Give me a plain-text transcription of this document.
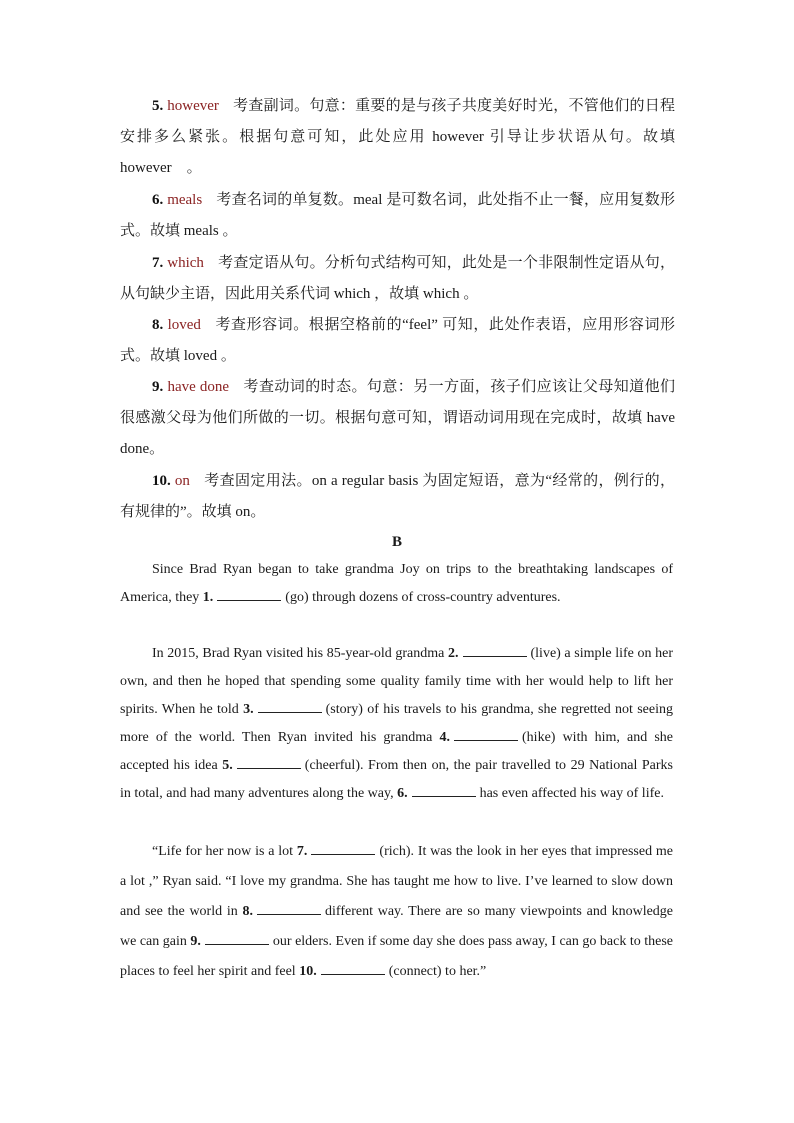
5. however 考查副词。句意：重要的是与孩子共度美好时光，不管他们的日程安排多么紧张。根据句意可知，此处应用 however 引导让步状语从句。故填 however　。

6. meals 考查名词的单复数。meal 是可数名词，此处指不止一餐，应用复数形式。故填 meals 。

7. which 考查定语从句。分析句式结构可知，此处是一个非限制性定语从句，从句缺少主语，因此用关系代词 which ，故填 which 。

8. loved 考查形容词。根据空格前的“feel” 可知，此处作表语，应用形容词形式。故填 loved 。

9. have done 考查动词的时态。句意：另一方面，孩子们应该让父母知道他们很感激父母为他们所做的一切。根据句意可知，谓语动词用现在完成时，故填 have done。

10. on 考查固定用法。on a regular basis 为固定短语，意为“经常的，例行的，有规律的”。故填 on。

B

Since Brad Ryan began to take grandma Joy on trips to the breathtaking landscapes of America, they 1.	(go) through dozens of cross-country adventures.

In 2015, Brad Ryan visited his 85-year-old grandma 2.	(live) a simple life on her own, and then he hoped that spending some quality family time with her would help to lift her spirits. When he told 3.	(story) of his travels to his grandma, she regretted not seeing more of the world. Then Ryan invited his grandma 4.	(hike) with him, and she accepted his idea 5.	(cheerful). From then on, the pair travelled to 29 National Parks in total, and had many adventures along the way, 6.	has even affected his way of life.

“Life for her now is a lot 7.	(rich). It was the look in her eyes that impressed me a lot ,” Ryan said. “I love my grandma. She has taught me how to live. I’ve learned to slow down and see the world in 8.	different way. There are so many viewpoints and knowledge we can gain 9.	our elders. Even if some day she does pass away, I can go back to these places to feel her spirit and feel 10.	(connect) to her.”
